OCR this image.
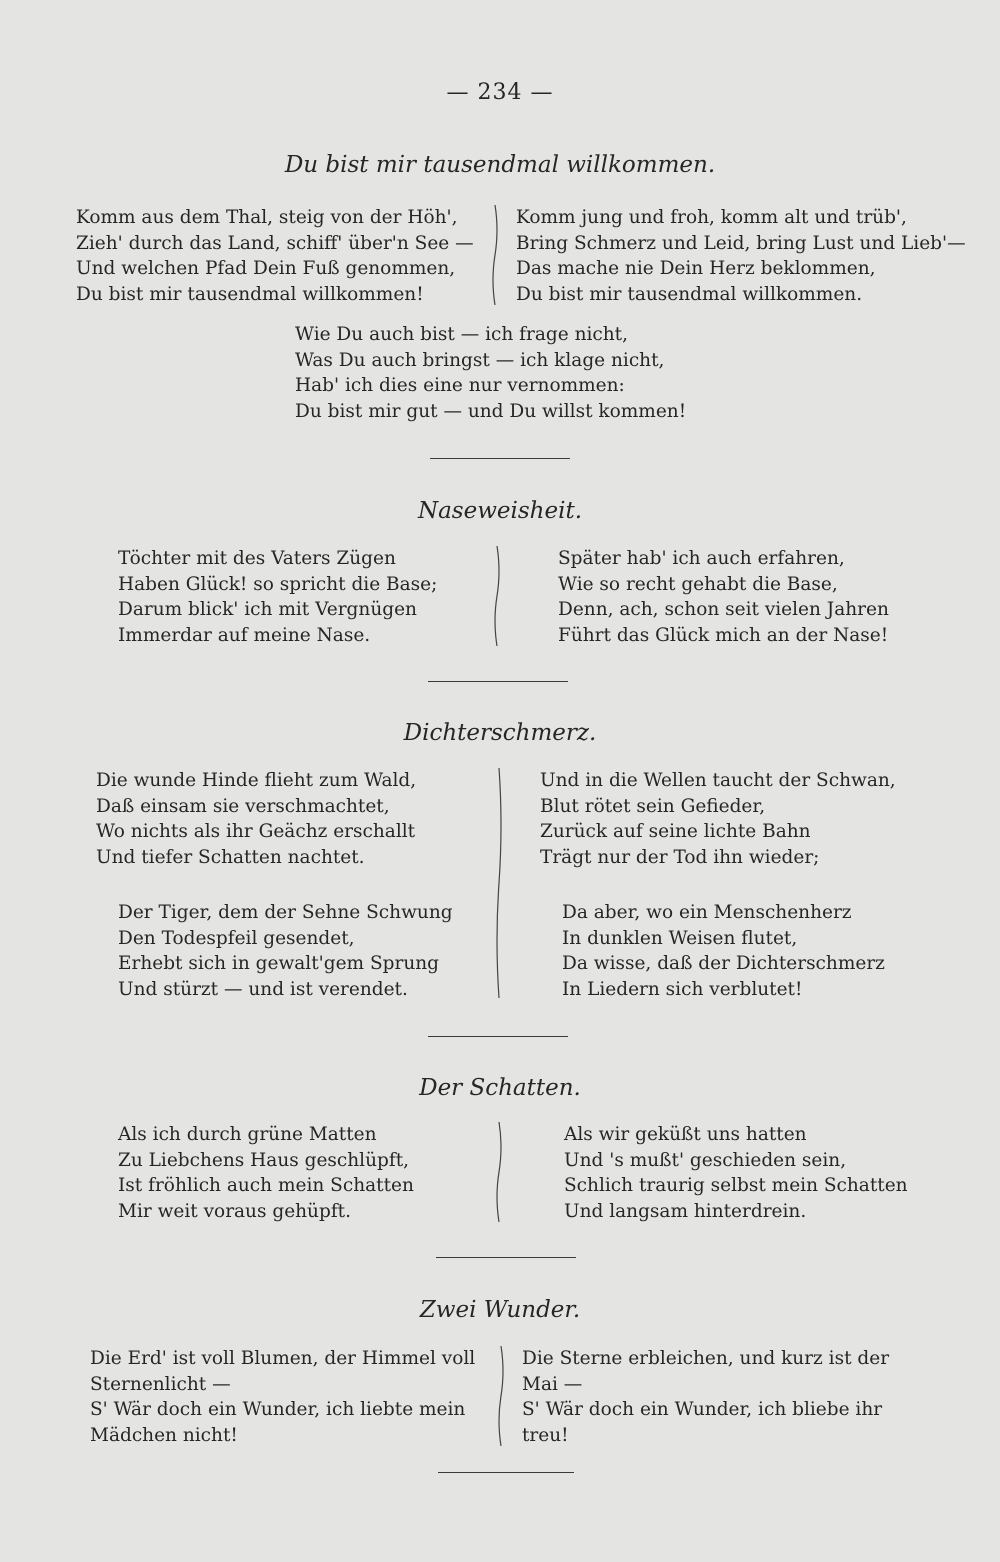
— 234 —
Du bist mir tausendmal willkommen.
Komm aus dem Thal, steig von der Höh',
Zieh' durch das Land, schiff' über'n See —
Und welchen Pfad Dein Fuß genommen,
Du bist mir tausendmal willkommen!
Komm jung und froh, komm alt und trüb',
Bring Schmerz und Leid, bring Lust und Lieb'—
Das mache nie Dein Herz beklommen,
Du bist mir tausendmal willkommen.
Wie Du auch bist — ich frage nicht,
Was Du auch bringst — ich klage nicht,
Hab' ich dies eine nur vernommen:
Du bist mir gut — und Du willst kommen!
Naseweisheit.
Töchter mit des Vaters Zügen
Haben Glück! so spricht die Base;
Darum blick' ich mit Vergnügen
Immerdar auf meine Nase.
Später hab' ich auch erfahren,
Wie so recht gehabt die Base,
Denn, ach, schon seit vielen Jahren
Führt das Glück mich an der Nase!
Dichterschmerz.
Die wunde Hinde flieht zum Wald,
Daß einsam sie verschmachtet,
Wo nichts als ihr Geächz erschallt
Und tiefer Schatten nachtet.
Und in die Wellen taucht der Schwan,
Blut rötet sein Gefieder,
Zurück auf seine lichte Bahn
Trägt nur der Tod ihn wieder;
Der Tiger, dem der Sehne Schwung
Den Todespfeil gesendet,
Erhebt sich in gewalt'gem Sprung
Und stürzt — und ist verendet.
Da aber, wo ein Menschenherz
In dunklen Weisen flutet,
Da wisse, daß der Dichterschmerz
In Liedern sich verblutet!
Der Schatten.
Als ich durch grüne Matten
Zu Liebchens Haus geschlüpft,
Ist fröhlich auch mein Schatten
Mir weit voraus gehüpft.
Als wir geküßt uns hatten
Und 's mußt' geschieden sein,
Schlich traurig selbst mein Schatten
Und langsam hinterdrein.
Zwei Wunder.
Die Erd' ist voll Blumen, der Himmel voll Sternenlicht —
S' Wär doch ein Wunder, ich liebte mein Mädchen nicht!
Die Sterne erbleichen, und kurz ist der Mai —
S' Wär doch ein Wunder, ich bliebe ihr treu!
